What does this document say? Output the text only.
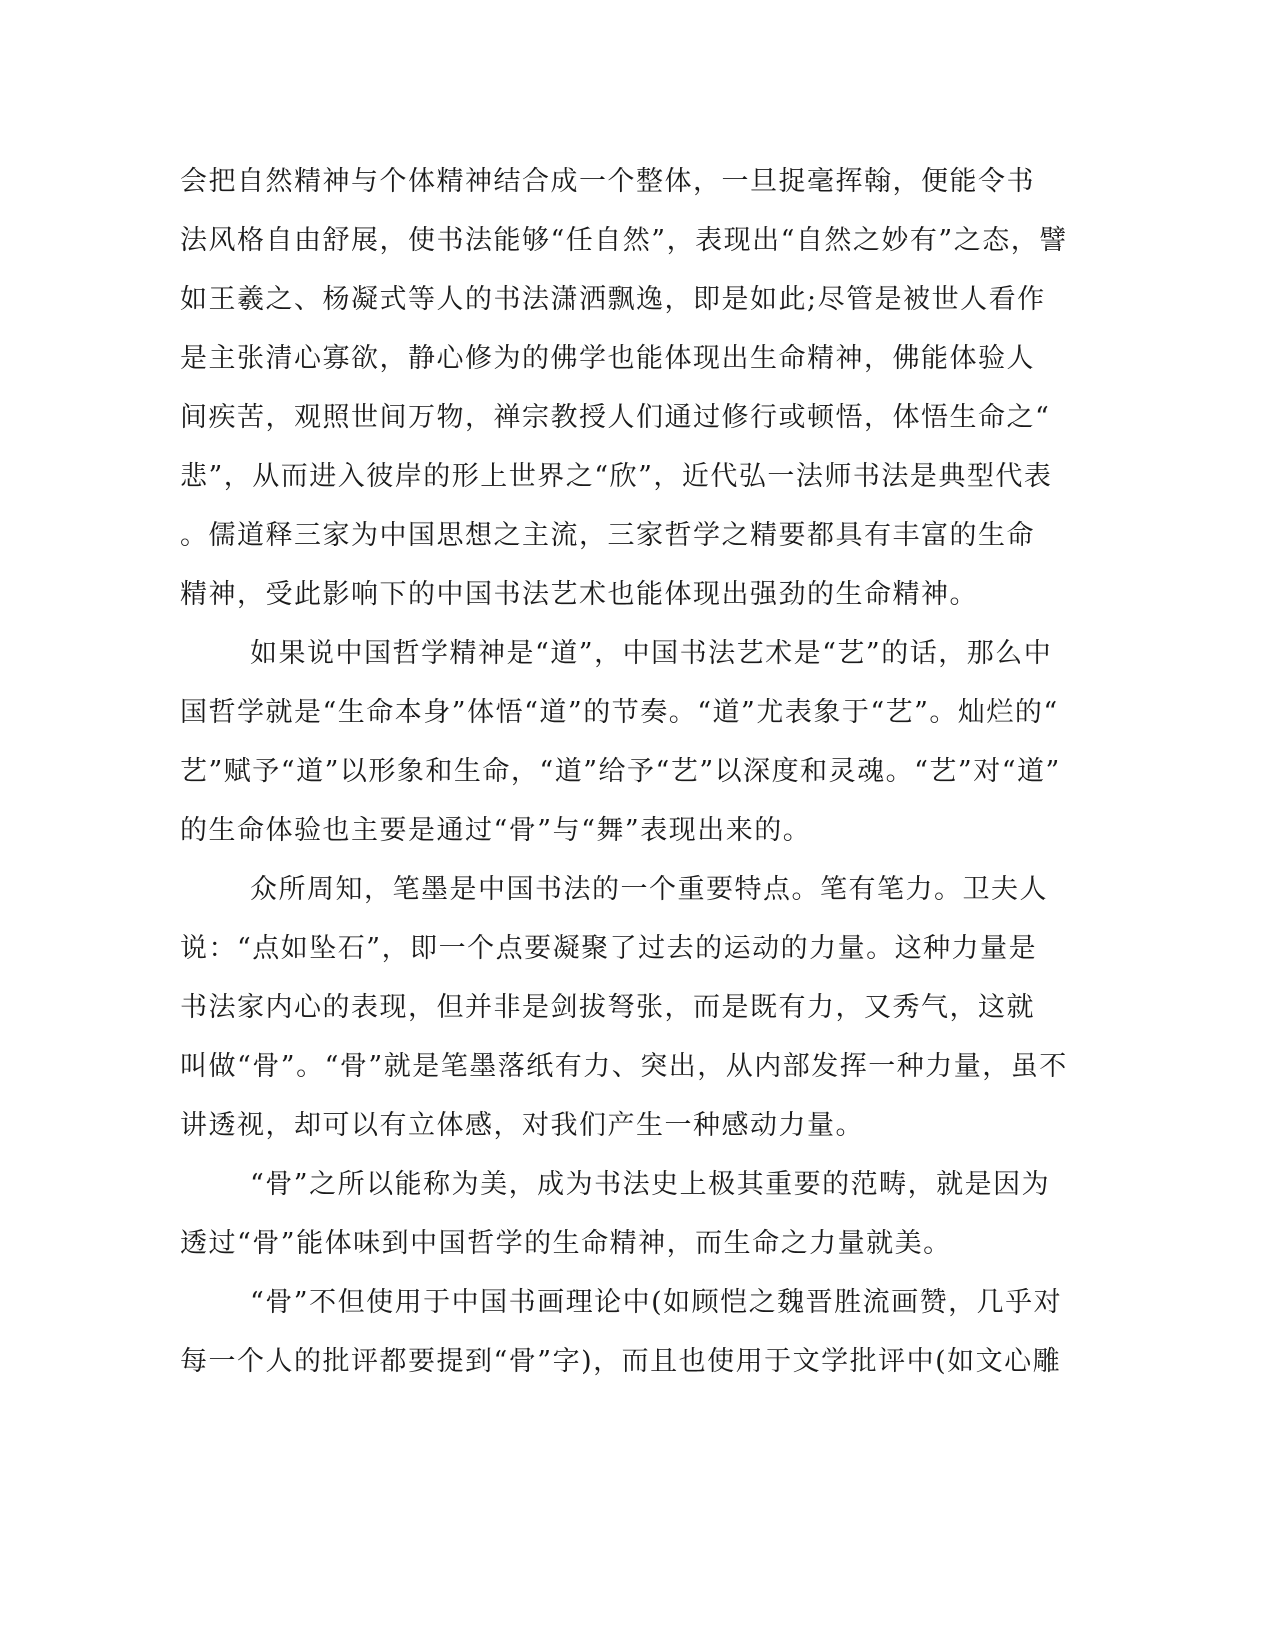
会把自然精神与个体精神结合成一个整体，一旦捉毫挥翰，便能令书
法风格自由舒展，使书法能够“任自然”，表现出“自然之妙有”之态，譬
如王羲之、杨凝式等人的书法潇洒飘逸，即是如此;尽管是被世人看作
是主张清心寡欲，静心修为的佛学也能体现出生命精神，佛能体验人
间疾苦，观照世间万物，禅宗教授人们通过修行或顿悟，体悟生命之“
悲”，从而进入彼岸的形上世界之“欣”，近代弘一法师书法是典型代表
。儒道释三家为中国思想之主流，三家哲学之精要都具有丰富的生命
精神，受此影响下的中国书法艺术也能体现出强劲的生命精神。
如果说中国哲学精神是“道”，中国书法艺术是“艺”的话，那么中
国哲学就是“生命本身”体悟“道”的节奏。“道”尤表象于“艺”。灿烂的“
艺”赋予“道”以形象和生命，“道”给予“艺”以深度和灵魂。“艺”对“道”
的生命体验也主要是通过“骨”与“舞”表现出来的。
众所周知，笔墨是中国书法的一个重要特点。笔有笔力。卫夫人
说：“点如坠石”，即一个点要凝聚了过去的运动的力量。这种力量是
书法家内心的表现，但并非是剑拔弩张，而是既有力，又秀气，这就
叫做“骨”。“骨”就是笔墨落纸有力、突出，从内部发挥一种力量，虽不
讲透视，却可以有立体感，对我们产生一种感动力量。
“骨”之所以能称为美，成为书法史上极其重要的范畴，就是因为
透过“骨”能体味到中国哲学的生命精神，而生命之力量就美。
“骨”不但使用于中国书画理论中(如顾恺之魏晋胜流画赞，几乎对
每一个人的批评都要提到“骨”字)，而且也使用于文学批评中(如文心雕
